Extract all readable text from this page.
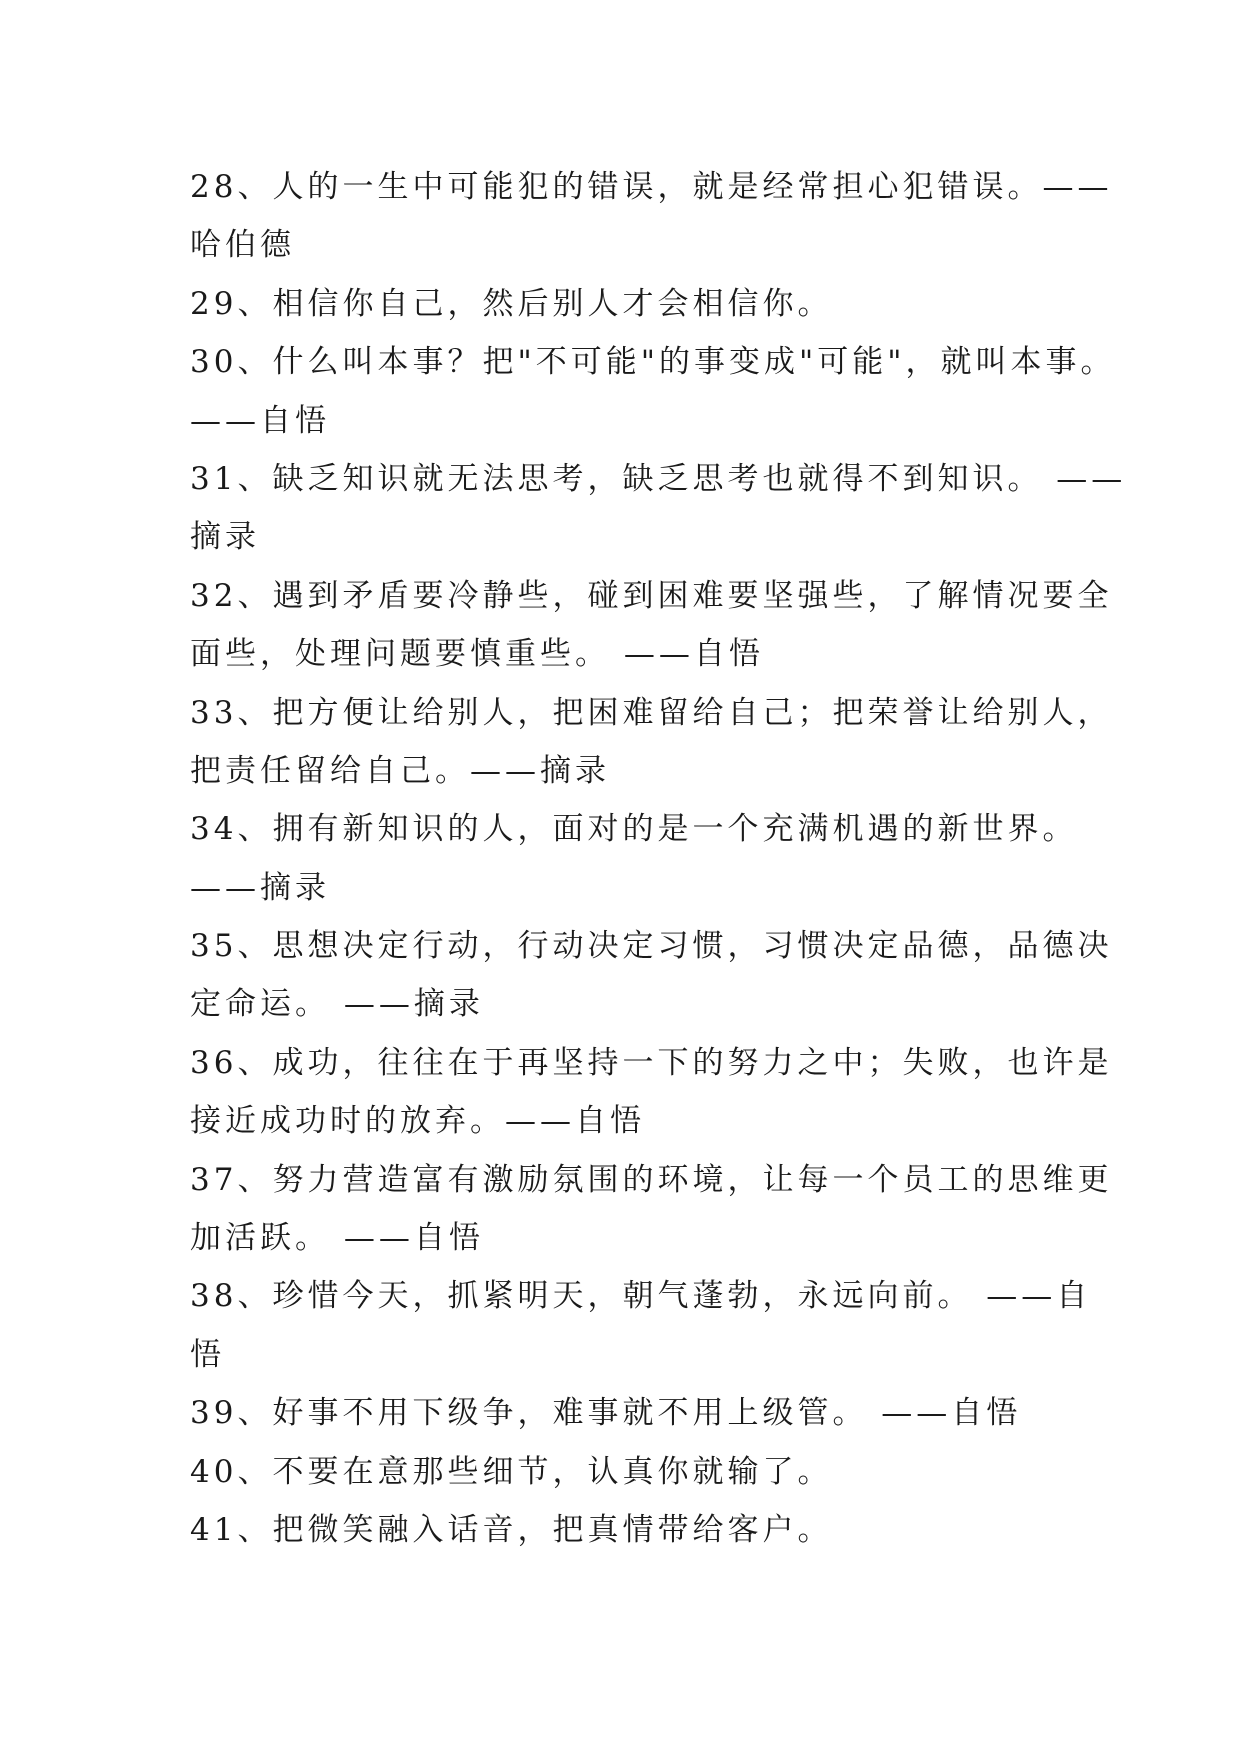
28、人的一生中可能犯的错误，就是经常担心犯错误。——

哈伯德

29、相信你自己，然后别人才会相信你。

30、什么叫本事？把"不可能"的事变成"可能"，就叫本事。

——自悟

31、缺乏知识就无法思考，缺乏思考也就得不到知识。 ——

摘录

32、遇到矛盾要冷静些，碰到困难要坚强些，了解情况要全

面些，处理问题要慎重些。 ——自悟

33、把方便让给别人，把困难留给自己；把荣誉让给别人，

把责任留给自己。——摘录

34、拥有新知识的人，面对的是一个充满机遇的新世界。

——摘录

35、思想决定行动，行动决定习惯，习惯决定品德，品德决

定命运。 ——摘录

36、成功，往往在于再坚持一下的努力之中；失败，也许是

接近成功时的放弃。——自悟

37、努力营造富有激励氛围的环境，让每一个员工的思维更

加活跃。 ——自悟

38、珍惜今天，抓紧明天，朝气蓬勃，永远向前。 ——自

悟

39、好事不用下级争，难事就不用上级管。 ——自悟

40、不要在意那些细节，认真你就输了。

41、把微笑融入话音，把真情带给客户。
